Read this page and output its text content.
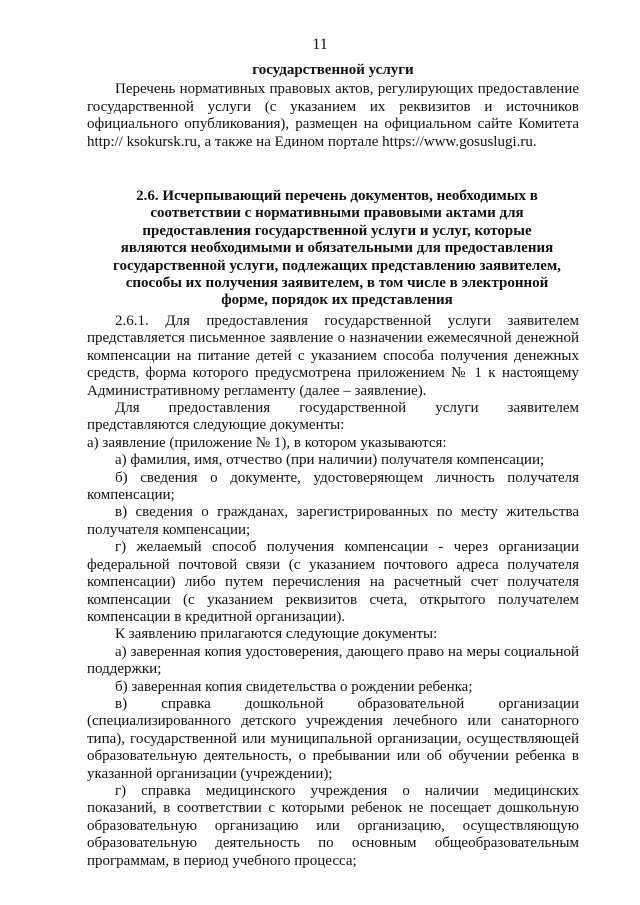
11

государственной услуги

Перечень нормативных правовых актов, регулирующих предоставление государственной услуги (с указанием их реквизитов и источников официального опубликования), размещен на официальном сайте Комитета http:// ksokursk.ru, а также на Едином портале https://www.gosuslugi.ru.

2.6. Исчерпывающий перечень документов, необходимых в соответствии с нормативными правовыми актами для предоставления государственной услуги и услуг, которые являются необходимыми и обязательными для предоставления государственной услуги, подлежащих представлению заявителем, способы их получения заявителем, в том числе в электронной форме, порядок их представления

2.6.1. Для предоставления государственной услуги заявителем представляется письменное заявление о назначении ежемесячной денежной компенсации на питание детей с указанием способа получения денежных средств, форма которого предусмотрена приложением № 1 к настоящему Административному регламенту (далее – заявление).

Для предоставления государственной услуги заявителем представляются следующие документы:

а) заявление (приложение № 1), в котором указываются:

а) фамилия, имя, отчество (при наличии) получателя компенсации;

б) сведения о документе, удостоверяющем личность получателя компенсации;

в) сведения о гражданах, зарегистрированных по месту жительства получателя компенсации;

г) желаемый способ получения компенсации - через организации федеральной почтовой связи (с указанием почтового адреса получателя компенсации) либо путем перечисления на расчетный счет получателя компенсации (с указанием реквизитов счета, открытого получателем компенсации в кредитной организации).

К заявлению прилагаются следующие документы:

а) заверенная копия удостоверения, дающего право на меры социальной поддержки;

б) заверенная копия свидетельства о рождении ребенка;

в) справка дошкольной образовательной организации (специализированного детского учреждения лечебного или санаторного типа), государственной или муниципальной организации, осуществляющей образовательную деятельность, о пребывании или об обучении ребенка в указанной организации (учреждении);

г) справка медицинского учреждения о наличии медицинских показаний, в соответствии с которыми ребенок не посещает дошкольную образовательную организацию или организацию, осуществляющую образовательную деятельность по основным общеобразовательным программам, в период учебного процесса;
